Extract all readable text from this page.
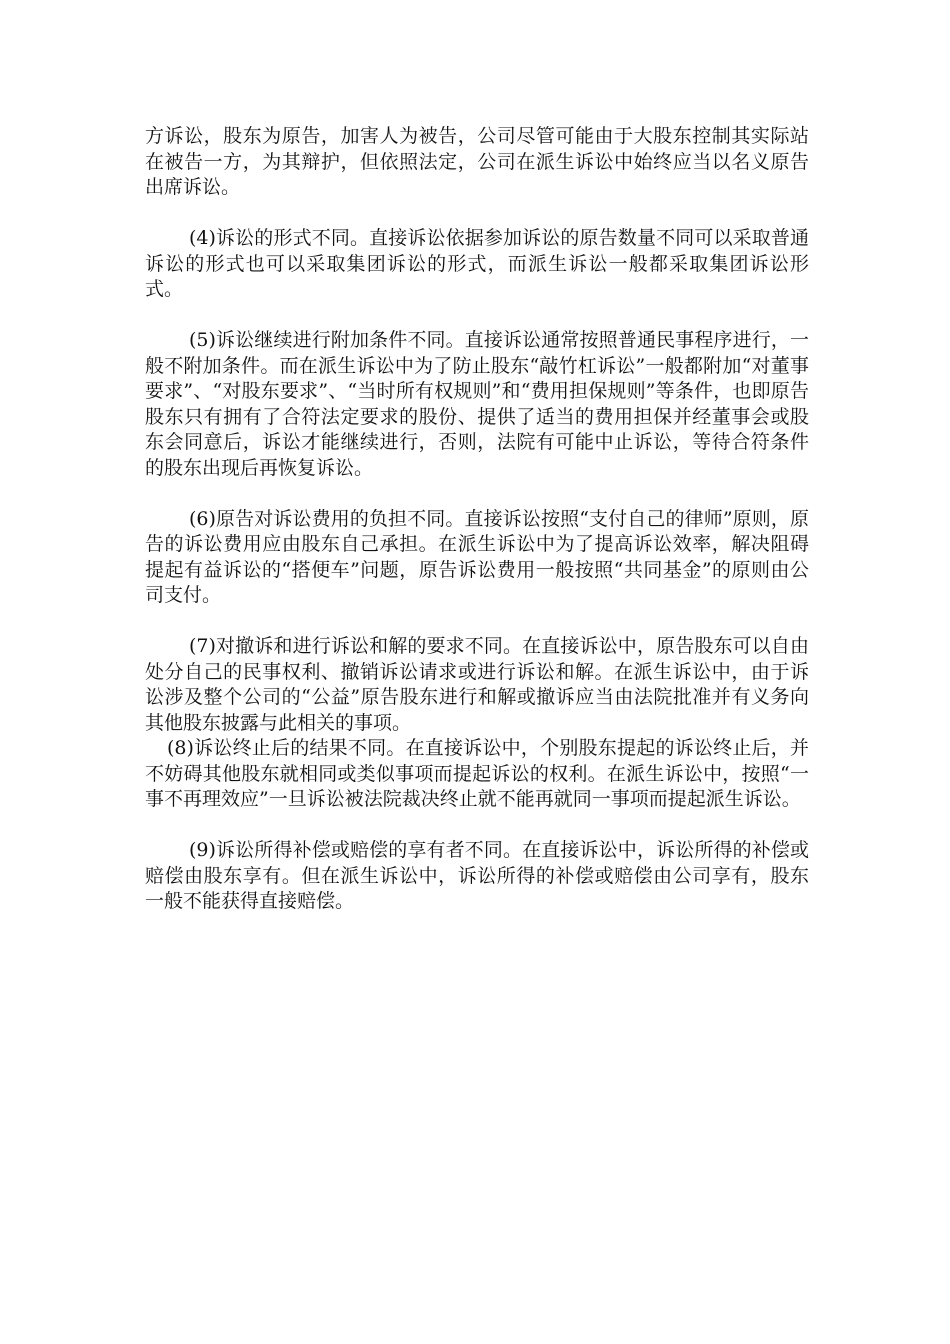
方诉讼，股东为原告，加害人为被告，公司尽管可能由于大股东控制其实际站在被告一方，为其辩护，但依照法定，公司在派生诉讼中始终应当以名义原告出席诉讼。

(4)诉讼的形式不同。直接诉讼依据参加诉讼的原告数量不同可以采取普通诉讼的形式也可以采取集团诉讼的形式，而派生诉讼一般都采取集团诉讼形式。

(5)诉讼继续进行附加条件不同。直接诉讼通常按照普通民事程序进行，一般不附加条件。而在派生诉讼中为了防止股东“敲竹杠诉讼”一般都附加“对董事要求”、“对股东要求”、“当时所有权规则”和“费用担保规则”等条件，也即原告股东只有拥有了合符法定要求的股份、提供了适当的费用担保并经董事会或股东会同意后，诉讼才能继续进行，否则，法院有可能中止诉讼，等待合符条件的股东出现后再恢复诉讼。

(6)原告对诉讼费用的负担不同。直接诉讼按照“支付自己的律师”原则，原告的诉讼费用应由股东自己承担。在派生诉讼中为了提高诉讼效率，解决阻碍提起有益诉讼的“搭便车”问题，原告诉讼费用一般按照“共同基金”的原则由公司支付。

(7)对撤诉和进行诉讼和解的要求不同。在直接诉讼中，原告股东可以自由处分自己的民事权利、撤销诉讼请求或进行诉讼和解。在派生诉讼中，由于诉讼涉及整个公司的“公益”原告股东进行和解或撤诉应当由法院批准并有义务向其他股东披露与此相关的事项。

(8)诉讼终止后的结果不同。在直接诉讼中，个别股东提起的诉讼终止后，并不妨碍其他股东就相同或类似事项而提起诉讼的权利。在派生诉讼中，按照“一事不再理效应”一旦诉讼被法院裁决终止就不能再就同一事项而提起派生诉讼。

(9)诉讼所得补偿或赔偿的享有者不同。在直接诉讼中，诉讼所得的补偿或赔偿由股东享有。但在派生诉讼中，诉讼所得的补偿或赔偿由公司享有，股东一般不能获得直接赔偿。
